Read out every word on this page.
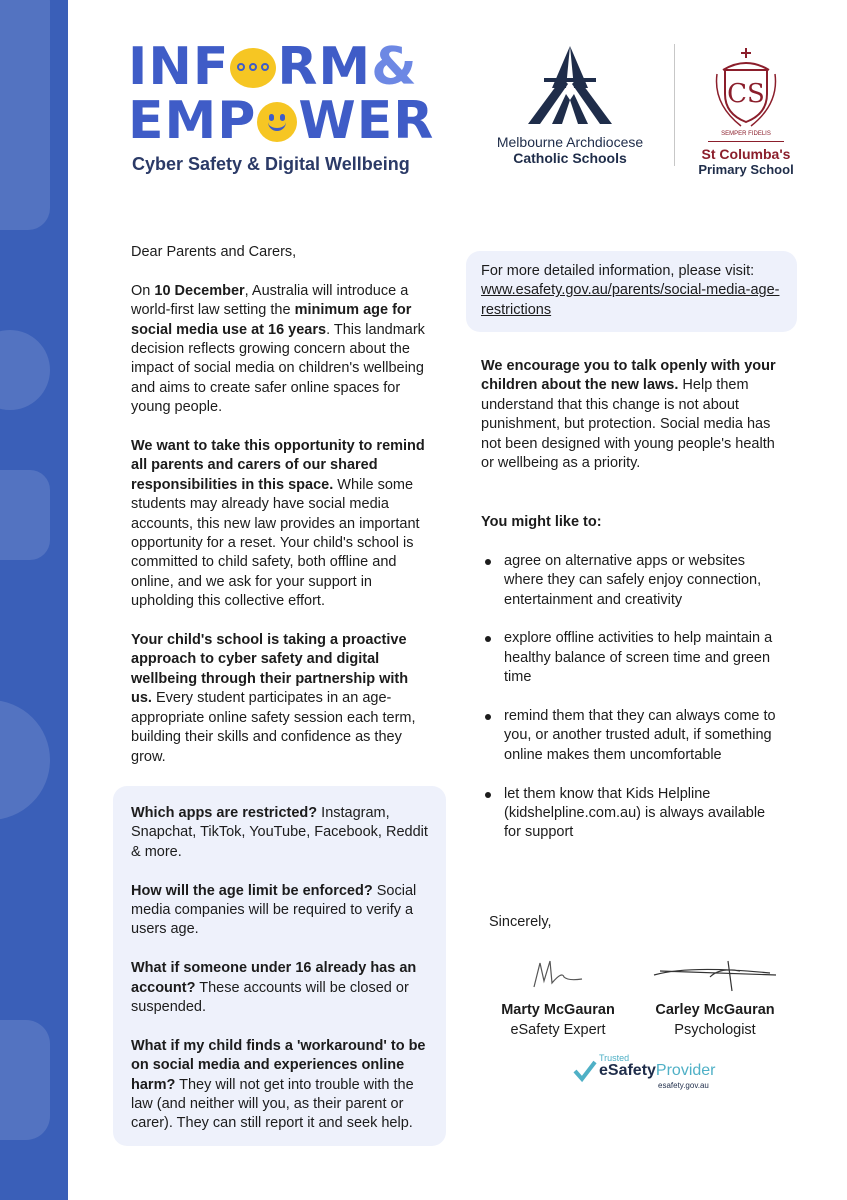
INF RM&
EMP WER
Cyber Safety & Digital Wellbeing
Melbourne Archdiocese
Catholic Schools
CS
SEMPER FIDELIS
St Columba's
Primary School

Dear Parents and Carers,

On 10 December, Australia will introduce a world-first law setting the minimum age for social media use at 16 years. This landmark decision reflects growing concern about the impact of social media on children's wellbeing and aims to create safer online spaces for young people.

We want to take this opportunity to remind all parents and carers of our shared responsibilities in this space. While some students may already have social media accounts, this new law provides an important opportunity for a reset. Your child's school is committed to child safety, both offline and online, and we ask for your support in upholding this collective effort.

Your child's school is taking a proactive approach to cyber safety and digital wellbeing through their partnership with us. Every student participates in an age-appropriate online safety session each term, building their skills and confidence as they grow.

Which apps are restricted? Instagram, Snapchat, TikTok, YouTube, Facebook, Reddit & more.

How will the age limit be enforced? Social media companies will be required to verify a users age.

What if someone under 16 already has an account? These accounts will be closed or suspended.

What if my child finds a 'workaround' to be on social media and experiences online harm? They will not get into trouble with the law (and neither will you, as their parent or carer). They can still report it and seek help.

For more detailed information, please visit:
www.esafety.gov.au/parents/social-media-age-restrictions

We encourage you to talk openly with your children about the new laws. Help them understand that this change is not about punishment, but protection. Social media has not been designed with young people's health or wellbeing as a priority.

You might like to:

agree on alternative apps or websites where they can safely enjoy connection, entertainment and creativity
explore offline activities to help maintain a healthy balance of screen time and green time
remind them that they can always come to you, or another trusted adult, if something online makes them uncomfortable
let them know that Kids Helpline (kidshelpline.com.au) is always available for support
Sincerely,
Marty McGauran
eSafety Expert
Carley McGauran
Psychologist
Trusted
eSafetyProvider
esafety.gov.au
